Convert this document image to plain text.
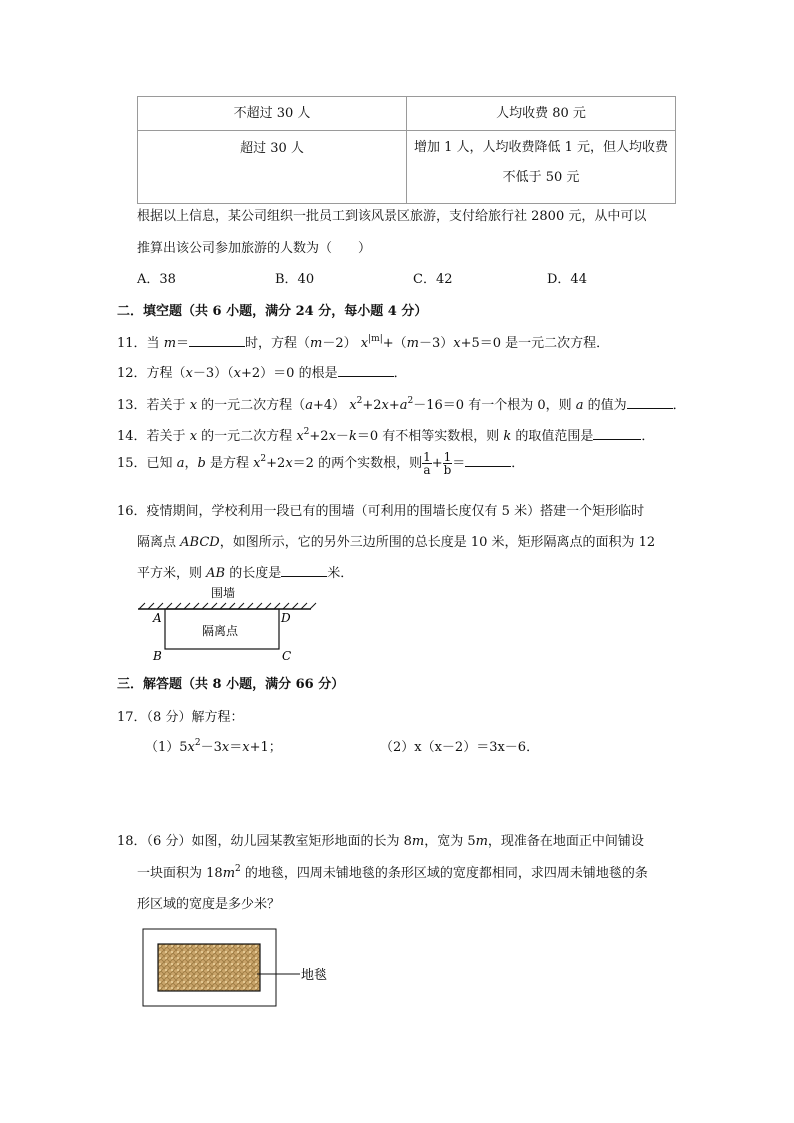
不超过 30 人	人均收费 80 元
超过 30 人	增加 1 人，人均收费降低 1 元，但人均收费
不低于 50 元
根据以上信息，某公司组织一批员工到该风景区旅游，支付给旅行社 2800 元，从中可以
推算出该公司参加旅游的人数为（　　）
A．38	B．40	C．42	D．44
二．填空题（共 6 小题，满分 24 分，每小题 4 分）
11．当 m＝	时，方程（m－2） $x^{|m|}+(m-3)x+5=0$ 是一元二次方程．
12．方程（x－3）（x+2）＝0 的根是	．
13．若关于 x 的一元二次方程（a+4） $x^2+2x+a^2-16=0$ 有一个根为 0，则 a 的值为	．
14．若关于 x 的一元二次方程 $x^2+2x-k=0$ 有不相等实数根，则 k 的取值范围是	．
15．已知 a，b 是方程 $x^2+2x=2$ 的两个实数根，则 $\frac{1}{a} + \frac{1}{b}$ ＝	．
16．疫情期间，学校利用一段已有的围墙（可利用的围墙长度仅有 5 米）搭建一个矩形临时
隔离点 ABCD，如图所示，它的另外三边所围的总长度是 10 米，矩形隔离点的面积为 12
平方米，则 AB 的长度是	米．
围墙
隔离点
A	D
B	C
三．解答题（共 8 小题，满分 66 分）
17．（8 分）解方程：
$(1)5x^2-3x=x+1$；	（2）x（x－2）＝3x－6．
18．（6 分）如图，幼儿园某教室矩形地面的长为 8m，宽为 5m，现准备在地面正中间铺设
一块面积为 $18m^2$ 的地毯，四周未铺地毯的条形区域的宽度都相同，求四周未铺地毯的条
形区域的宽度是多少米？
地毯
